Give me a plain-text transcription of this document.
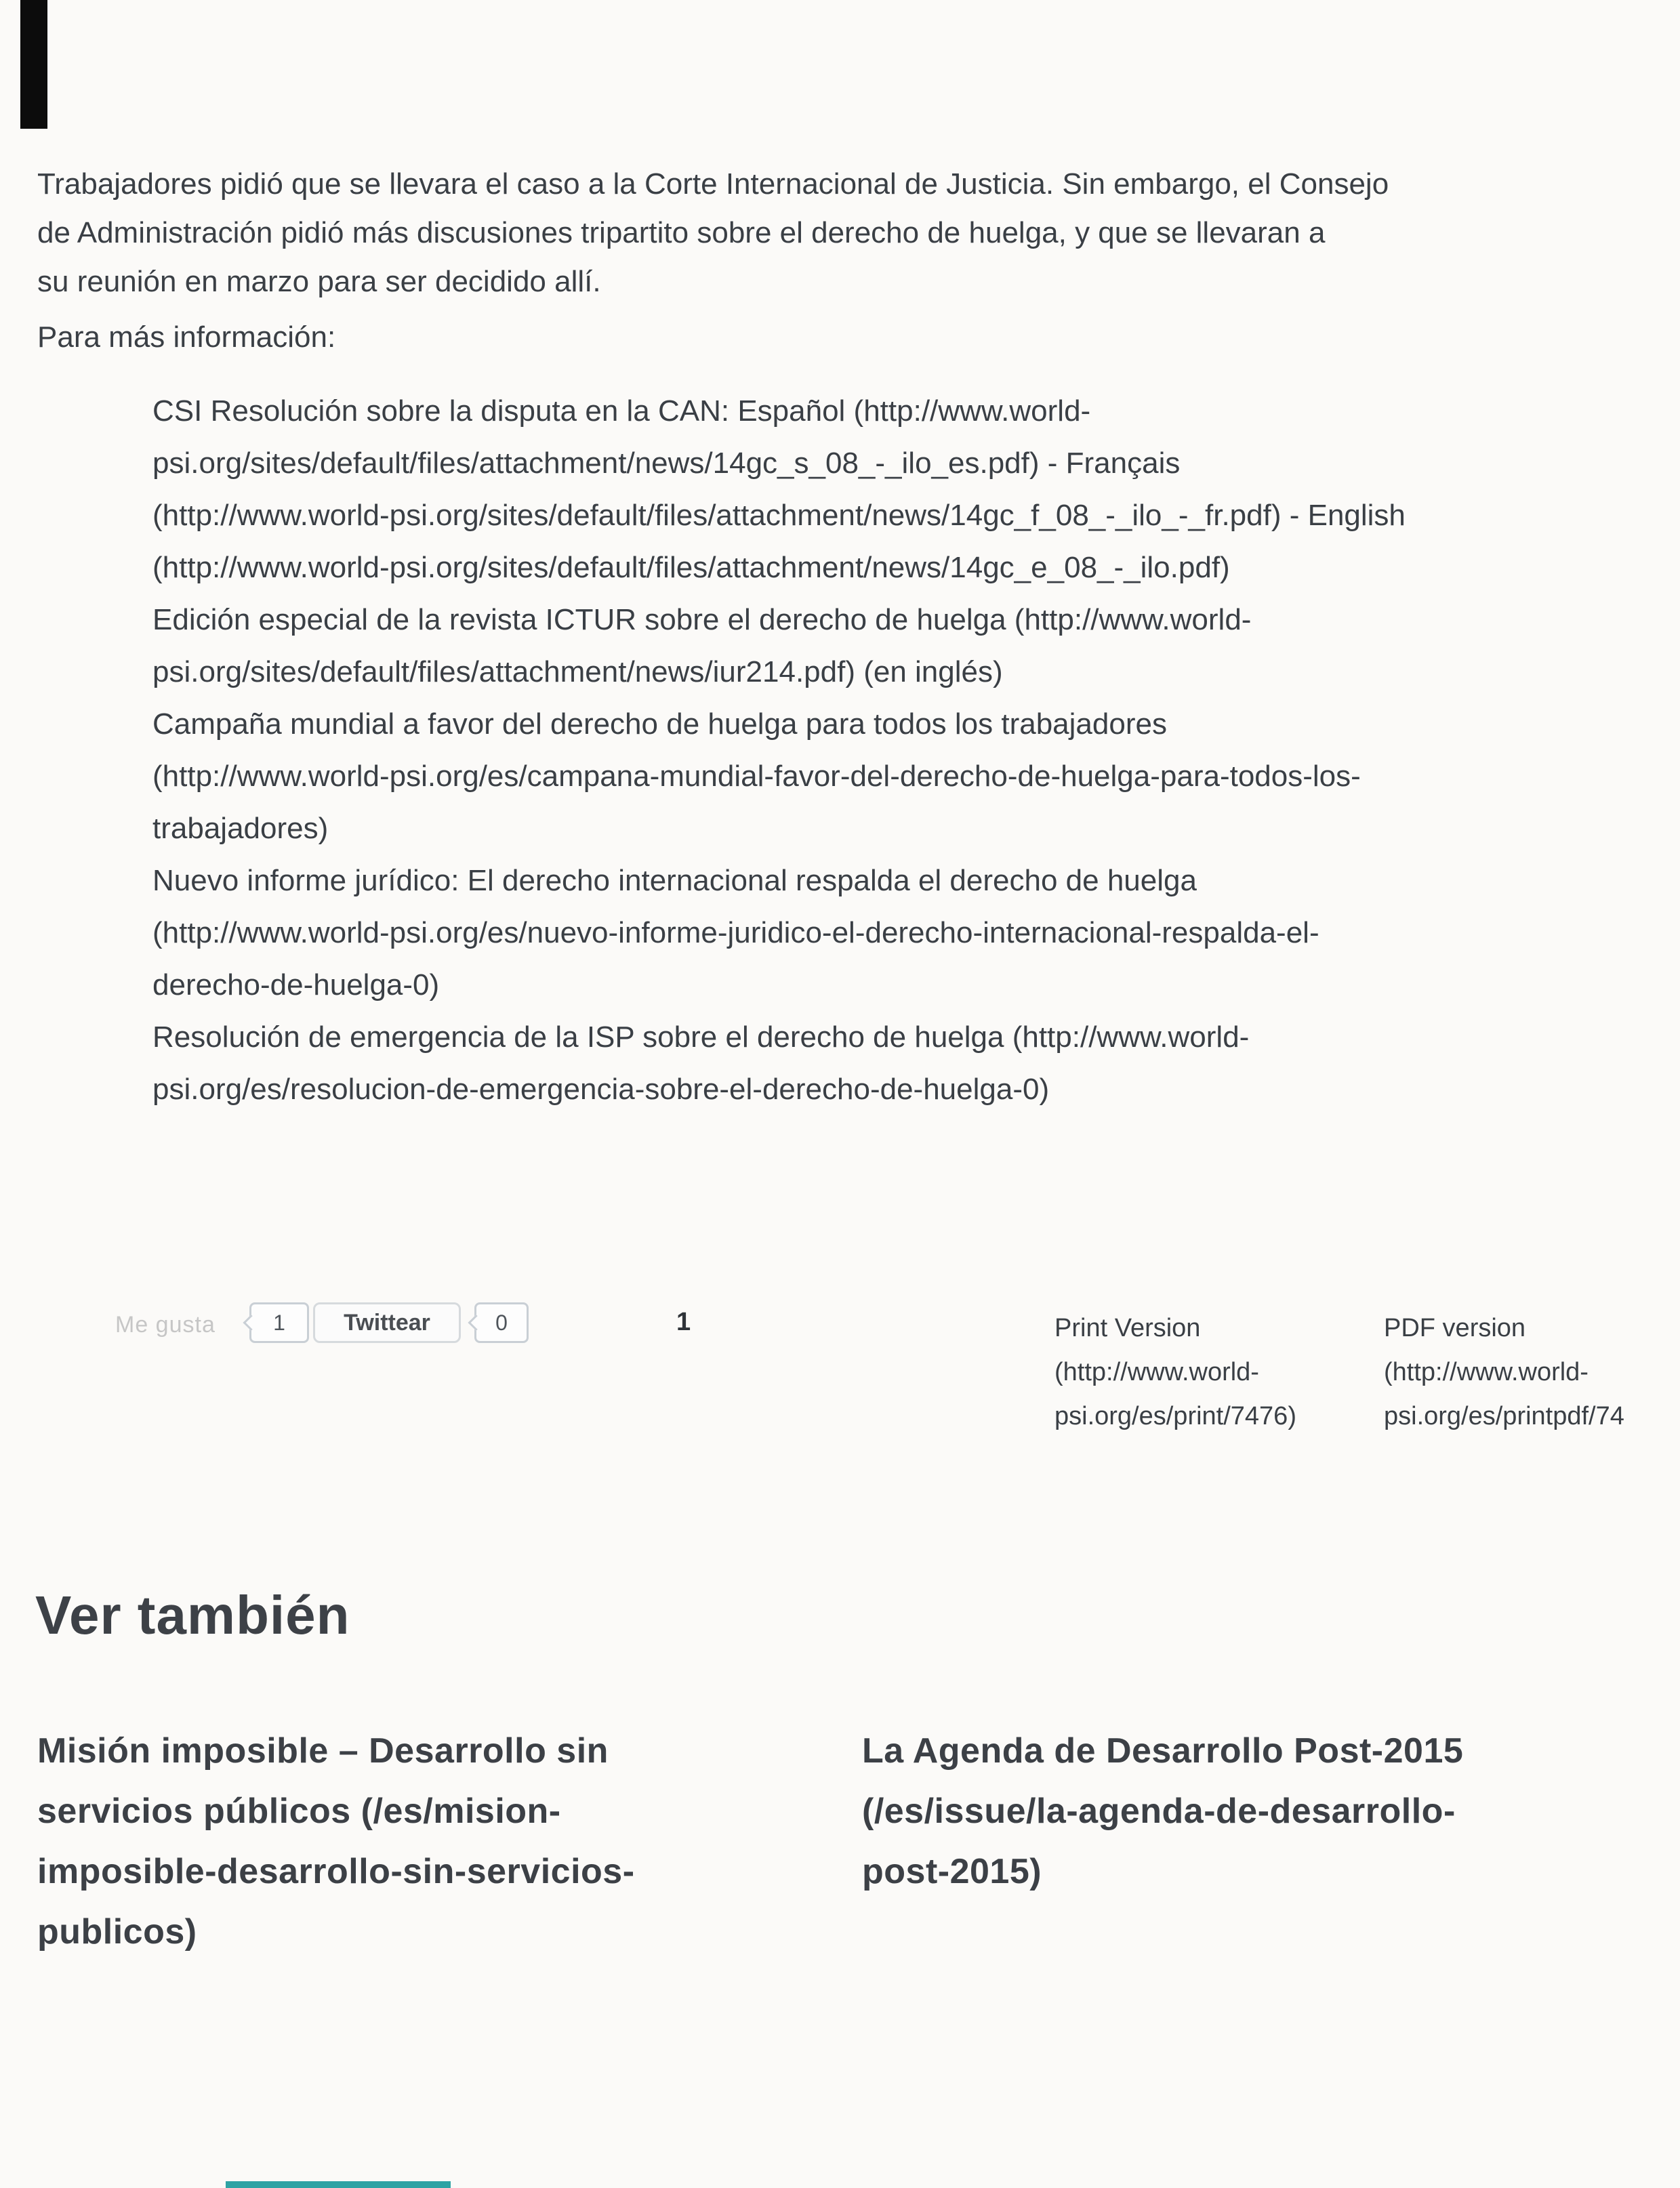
Trabajadores pidió que se llevara el caso a la Corte Internacional de Justicia. Sin embargo, el Consejo
de Administración pidió más discusiones tripartito sobre el derecho de huelga, y que se llevaran a
su reunión en marzo para ser decidido allí.
Para más información:
CSI Resolución sobre la disputa en la CAN: Español (http://www.world-
psi.org/sites/default/files/attachment/news/14gc_s_08_-_ilo_es.pdf) - Français
(http://www.world-psi.org/sites/default/files/attachment/news/14gc_f_08_-_ilo_-_fr.pdf) - English
(http://www.world-psi.org/sites/default/files/attachment/news/14gc_e_08_-_ilo.pdf)
Edición especial de la revista ICTUR sobre el derecho de huelga (http://www.world-
psi.org/sites/default/files/attachment/news/iur214.pdf) (en inglés)
Campaña mundial a favor del derecho de huelga para todos los trabajadores
(http://www.world-psi.org/es/campana-mundial-favor-del-derecho-de-huelga-para-todos-los-
trabajadores)
Nuevo informe jurídico: El derecho internacional respalda el derecho de huelga
(http://www.world-psi.org/es/nuevo-informe-juridico-el-derecho-internacional-respalda-el-
derecho-de-huelga-0)
Resolución de emergencia de la ISP sobre el derecho de huelga (http://www.world-
psi.org/es/resolucion-de-emergencia-sobre-el-derecho-de-huelga-0)
Me gusta	1	Twittear	0	1	Print Version
(http://www.world-
psi.org/es/print/7476)
PDF version
(http://www.world-
psi.org/es/printpdf/74
Ver también
Misión imposible – Desarrollo sin
servicios públicos (/es/mision-
imposible-desarrollo-sin-servicios-
publicos)
La Agenda de Desarrollo Post-2015
(/es/issue/la-agenda-de-desarrollo-
post-2015)
